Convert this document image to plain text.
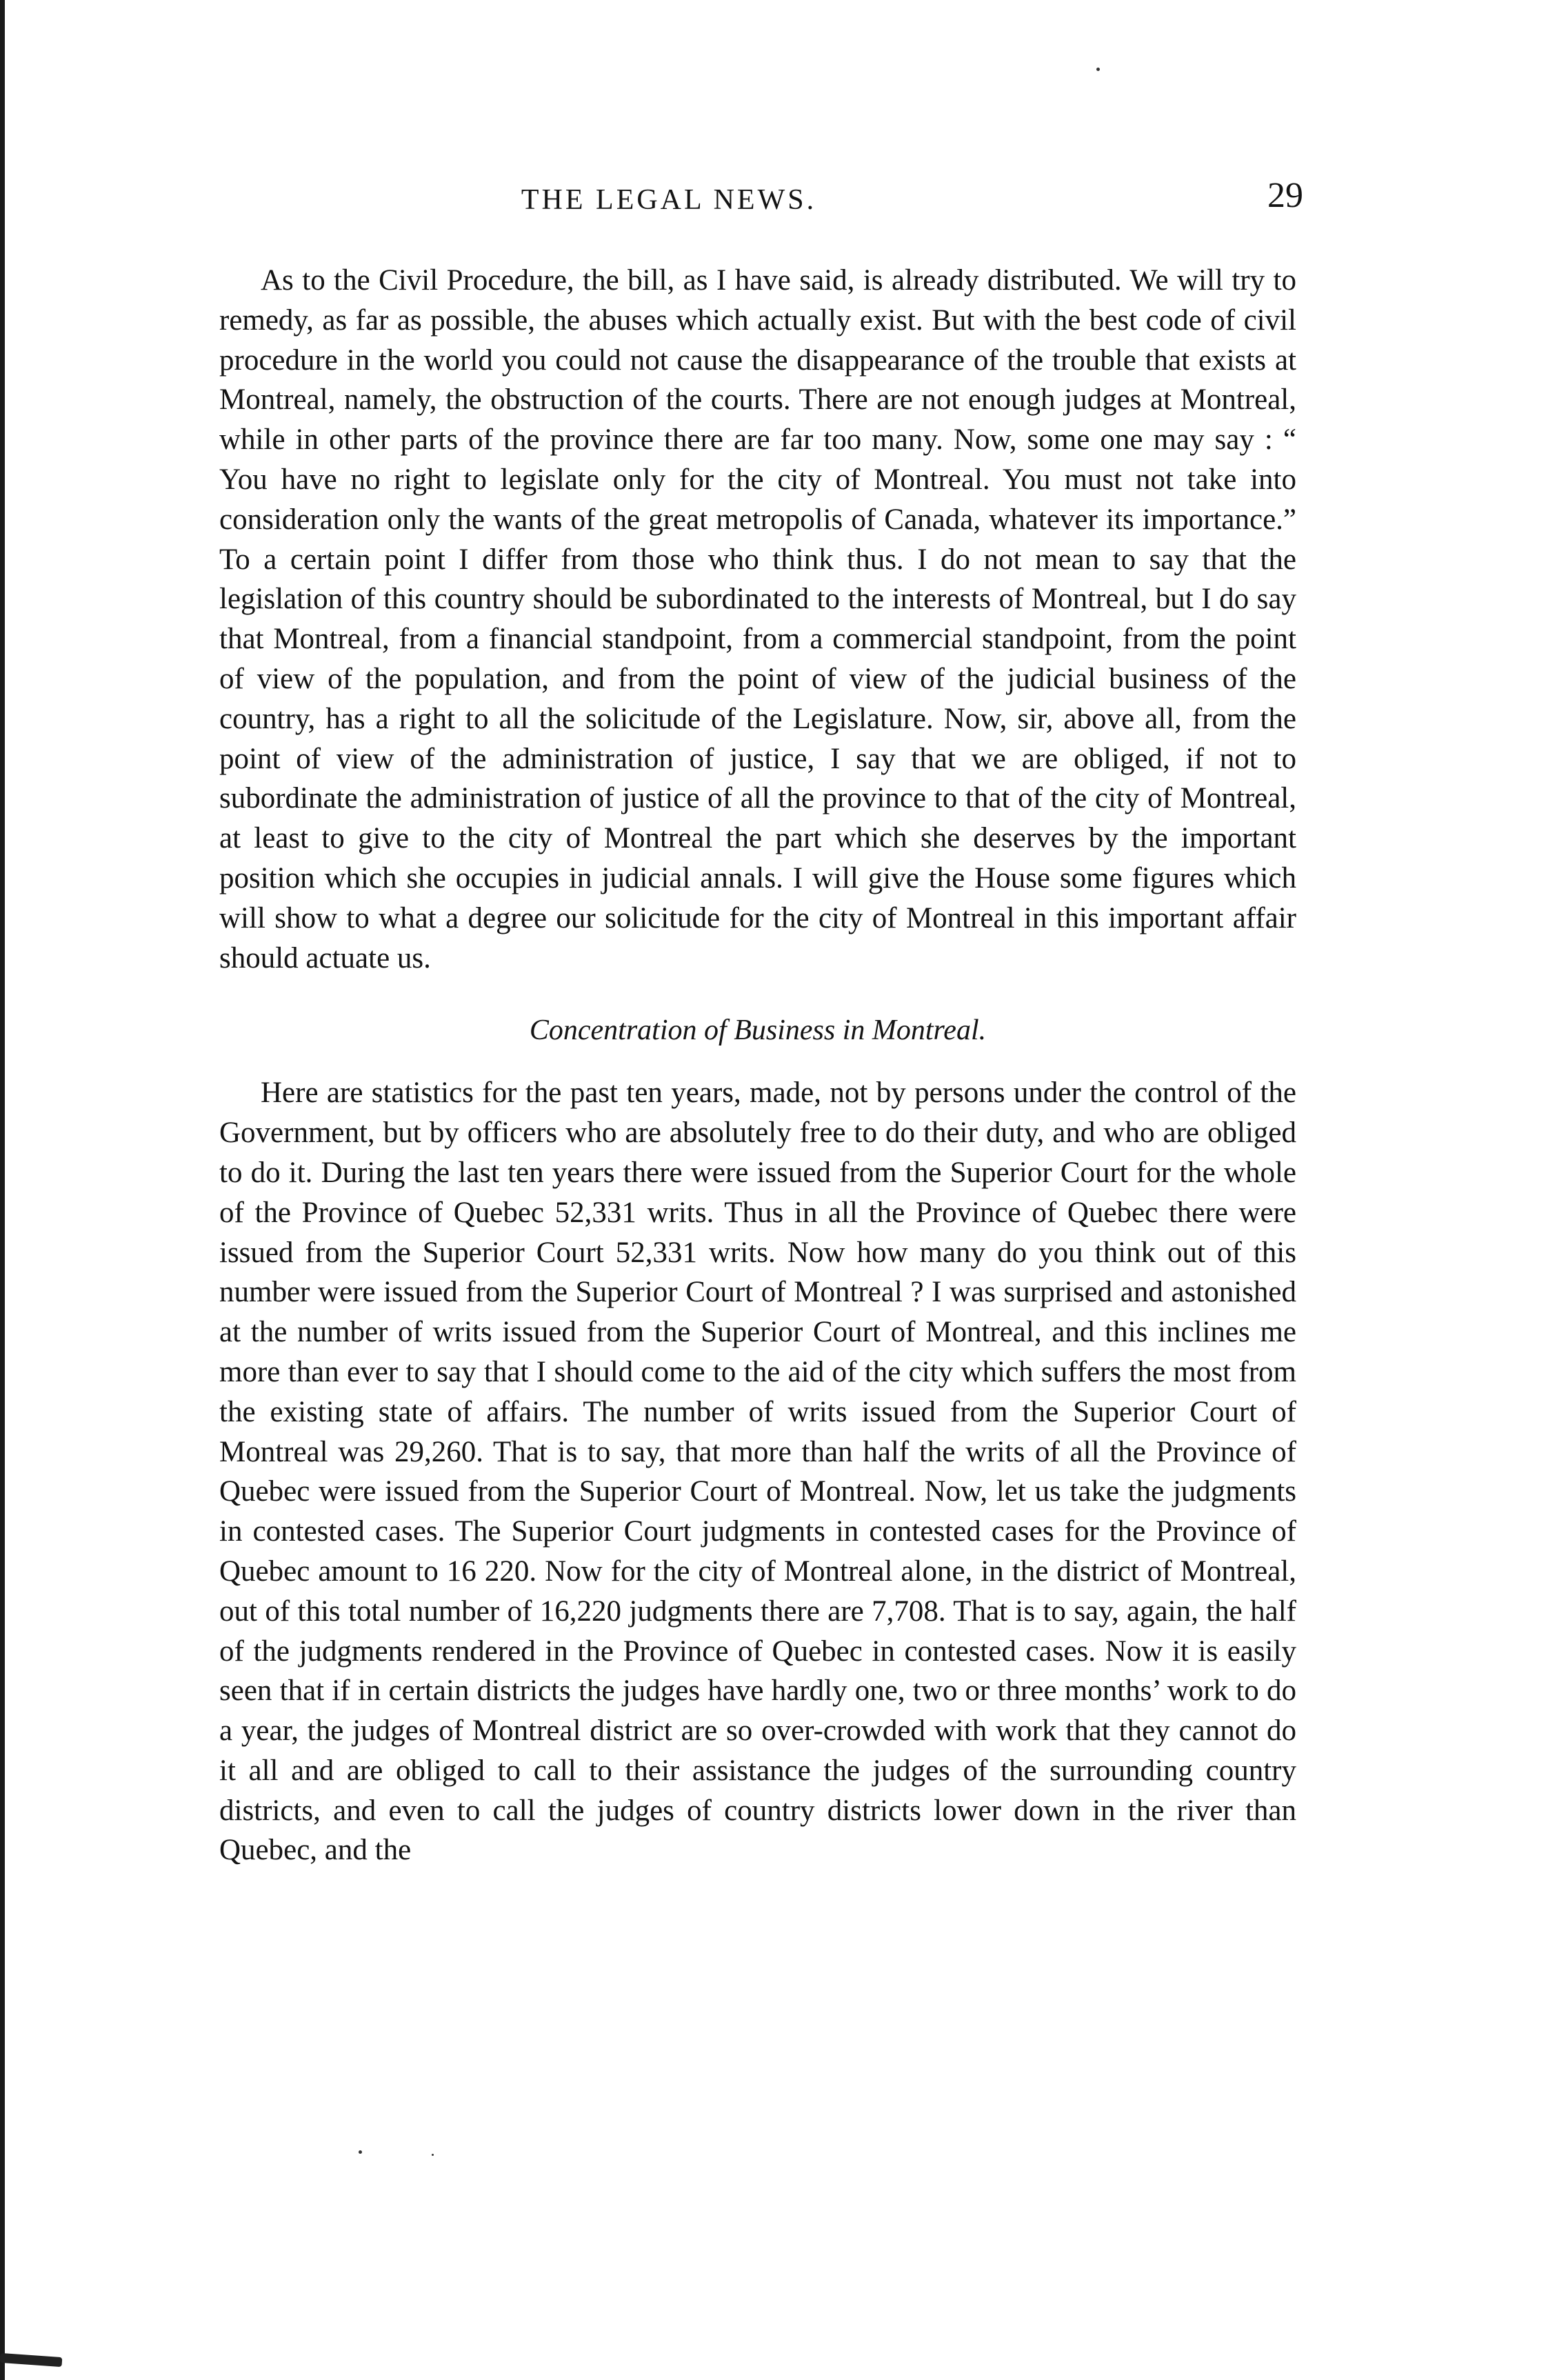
THE LEGAL NEWS.	29

As to the Civil Procedure, the bill, as I have said, is already distributed. We will try to remedy, as far as possible, the abuses which actually exist. But with the best code of civil procedure in the world you could not cause the disappearance of the trouble that exists at Montreal, namely, the obstruction of the courts. There are not enough judges at Montreal, while in other parts of the province there are far too many. Now, some one may say : “ You have no right to legislate only for the city of Montreal. You must not take into consideration only the wants of the great metropolis of Canada, whatever its importance.” To a certain point I differ from those who think thus. I do not mean to say that the legislation of this country should be subordinated to the interests of Montreal, but I do say that Montreal, from a financial standpoint, from a commercial standpoint, from the point of view of the population, and from the point of view of the judicial business of the country, has a right to all the solicitude of the Legislature. Now, sir, above all, from the point of view of the administration of justice, I say that we are obliged, if not to subordinate the administration of justice of all the province to that of the city of Montreal, at least to give to the city of Montreal the part which she deserves by the important position which she occupies in judicial annals. I will give the House some figures which will show to what a degree our solicitude for the city of Montreal in this important affair should actuate us.

Concentration of Business in Montreal.

Here are statistics for the past ten years, made, not by persons under the control of the Government, but by officers who are absolutely free to do their duty, and who are obliged to do it. During the last ten years there were issued from the Superior Court for the whole of the Province of Quebec 52,331 writs. Thus in all the Province of Quebec there were issued from the Superior Court 52,331 writs. Now how many do you think out of this number were issued from the Superior Court of Montreal ? I was surprised and astonished at the number of writs issued from the Superior Court of Montreal, and this inclines me more than ever to say that I should come to the aid of the city which suffers the most from the existing state of affairs. The number of writs issued from the Superior Court of Montreal was 29,260. That is to say, that more than half the writs of all the Province of Quebec were issued from the Superior Court of Montreal. Now, let us take the judgments in contested cases. The Superior Court judgments in contested cases for the Province of Quebec amount to 16 220. Now for the city of Montreal alone, in the district of Montreal, out of this total number of 16,220 judgments there are 7,708. That is to say, again, the half of the judgments rendered in the Province of Quebec in contested cases. Now it is easily seen that if in certain districts the judges have hardly one, two or three months’ work to do a year, the judges of Montreal district are so over-crowded with work that they cannot do it all and are obliged to call to their assistance the judges of the surrounding country districts, and even to call the judges of country districts lower down in the river than Quebec, and the
